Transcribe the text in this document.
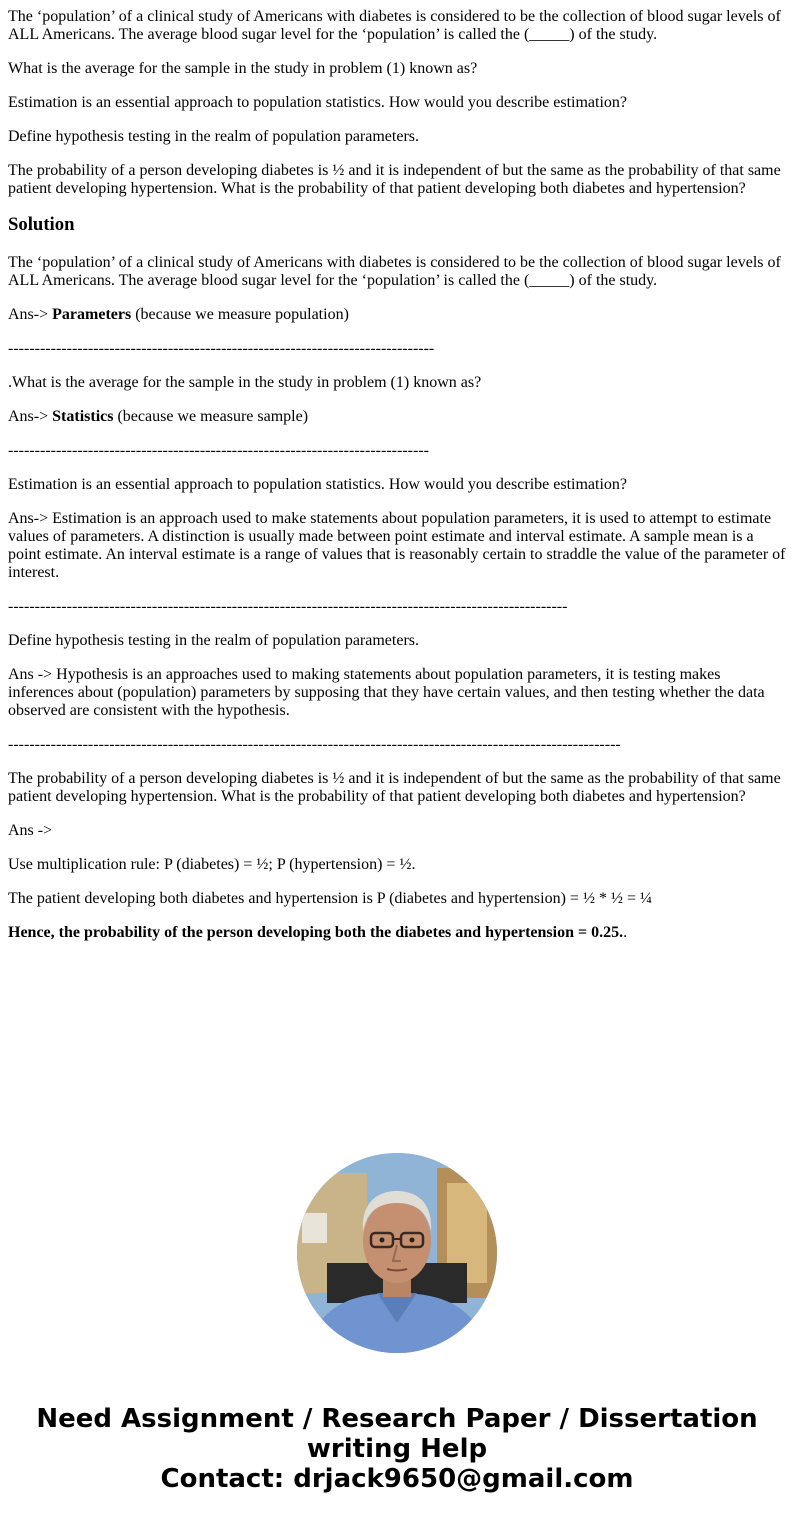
The ‘population’ of a clinical study of Americans with diabetes is considered to be the collection of blood sugar levels of ALL Americans. The average blood sugar level for the ‘population’ is called the (_____) of the study.

What is the average for the sample in the study in problem (1) known as?

Estimation is an essential approach to population statistics. How would you describe estimation?

Define hypothesis testing in the realm of population parameters.

The probability of a person developing diabetes is ½ and it is independent of but the same as the probability of that same patient developing hypertension. What is the probability of that patient developing both diabetes and hypertension?

Solution

The ‘population’ of a clinical study of Americans with diabetes is considered to be the collection of blood sugar levels of ALL Americans. The average blood sugar level for the ‘population’ is called the (_____) of the study.

Ans-> Parameters (because we measure population)

--------------------------------------------------------------------------------

.What is the average for the sample in the study in problem (1) known as?

Ans-> Statistics (because we measure sample)

-------------------------------------------------------------------------------

Estimation is an essential approach to population statistics. How would you describe estimation?

Ans-> Estimation is an approach used to make statements about population parameters, it is used to attempt to estimate values of parameters. A distinction is usually made between point estimate and interval estimate. A sample mean is a point estimate. An interval estimate is a range of values that is reasonably certain to straddle the value of the parameter of interest.

---------------------------------------------------------------------------------------------------------

Define hypothesis testing in the realm of population parameters.

Ans -> Hypothesis is an approaches used to making statements about population parameters, it is testing makes inferences about (population) parameters by supposing that they have certain values, and then testing whether the data observed are consistent with the hypothesis.

-------------------------------------------------------------------------------------------------------------------

The probability of a person developing diabetes is ½ and it is independent of but the same as the probability of that same patient developing hypertension. What is the probability of that patient developing both diabetes and hypertension?

Ans ->

Use multiplication rule: P (diabetes) = ½; P (hypertension) = ½.

The patient developing both diabetes and hypertension is P (diabetes and hypertension) = ½ * ½ = ¼

Hence, the probability of the person developing both the diabetes and hypertension = 0.25..

Need Assignment / Research Paper / Dissertation
writing Help
Contact: drjack9650@gmail.com
